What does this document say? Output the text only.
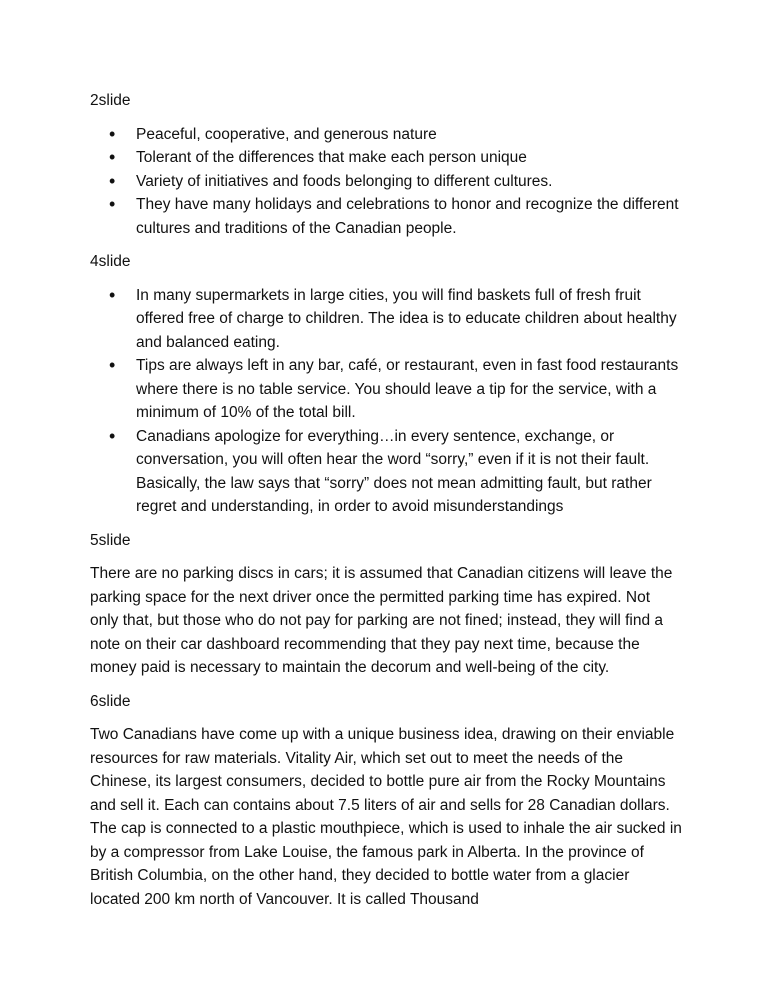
2slide
• Peaceful, cooperative, and generous nature
• Tolerant of the differences that make each person unique
• Variety of initiatives and foods belonging to different cultures.
• They have many holidays and celebrations to honor and recognize the different cultures and traditions of the Canadian people.
4slide
• In many supermarkets in large cities, you will find baskets full of fresh fruit offered free of charge to children. The idea is to educate children about healthy and balanced eating.
• Tips are always left in any bar, café, or restaurant, even in fast food restaurants where there is no table service. You should leave a tip for the service, with a minimum of 10% of the total bill.
• Canadians apologize for everything…in every sentence, exchange, or conversation, you will often hear the word “sorry,” even if it is not their fault. Basically, the law says that “sorry” does not mean admitting fault, but rather regret and understanding, in order to avoid misunderstandings
5slide

There are no parking discs in cars; it is assumed that Canadian citizens will leave the parking space for the next driver once the permitted parking time has expired. Not only that, but those who do not pay for parking are not fined; instead, they will find a note on their car dashboard recommending that they pay next time, because the money paid is necessary to maintain the decorum and well-being of the city.

6slide

Two Canadians have come up with a unique business idea, drawing on their enviable resources for raw materials. Vitality Air, which set out to meet the needs of the Chinese, its largest consumers, decided to bottle pure air from the Rocky Mountains and sell it. Each can contains about 7.5 liters of air and sells for 28 Canadian dollars. The cap is connected to a plastic mouthpiece, which is used to inhale the air sucked in by a compressor from Lake Louise, the famous park in Alberta. In the province of British Columbia, on the other hand, they decided to bottle water from a glacier located 200 km north of Vancouver. It is called Thousand
